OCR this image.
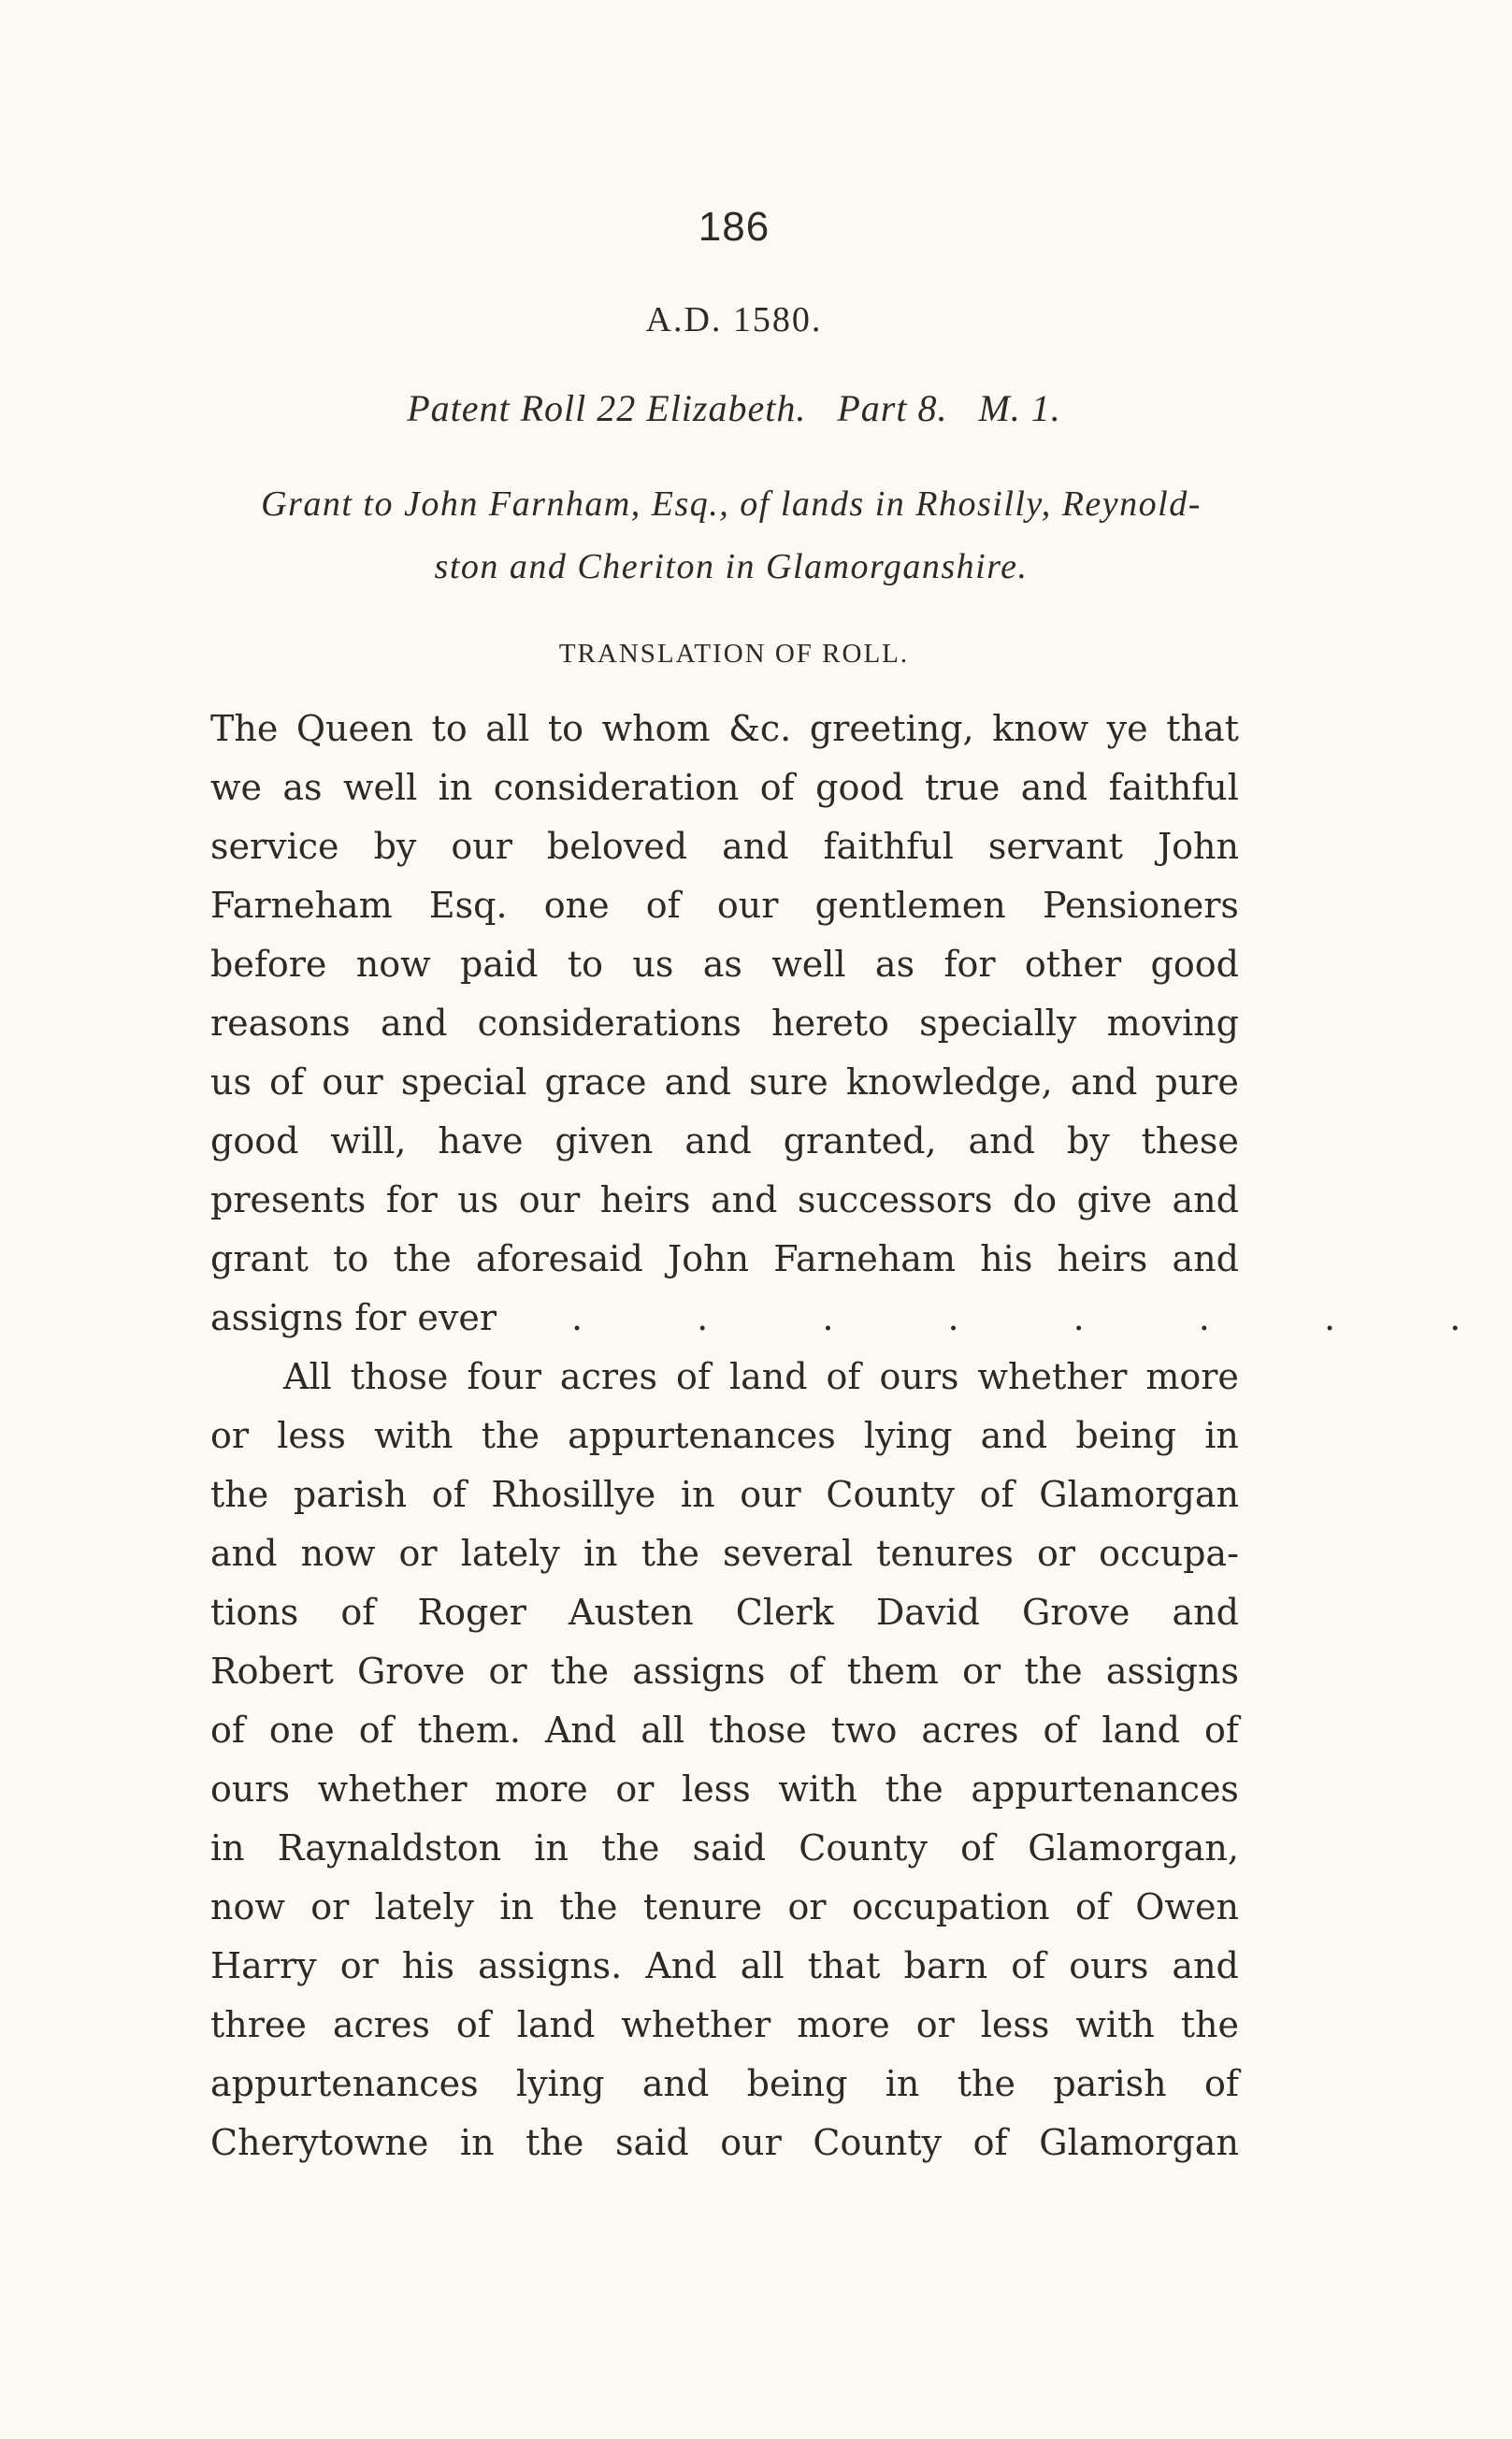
186
A.D. 1580.
Patent Roll 22 Elizabeth.   Part 8.   M. 1.
Grant to John Farnham, Esq., of lands in Rhosilly, Reynold-
ston and Cheriton in Glamorganshire.
TRANSLATION OF ROLL.
The Queen to all to whom &c. greeting, know ye that
we as well in consideration of good true and faithful
service by our beloved and faithful servant John
Farneham Esq. one of our gentlemen Pensioners
before now paid to us as well as for other good
reasons and considerations hereto specially moving
us of our special grace and sure knowledge, and pure
good will, have given and granted, and by these
presents for us our heirs and successors do give and
grant to the aforesaid John Farneham his heirs and
assigns for ever . . . . . . . .
All those four acres of land of ours whether more
or less with the appurtenances lying and being in
the parish of Rhosillye in our County of Glamorgan
and now or lately in the several tenures or occupa-
tions of Roger Austen Clerk David Grove and
Robert Grove or the assigns of them or the assigns
of one of them. And all those two acres of land of
ours whether more or less with the appurtenances
in Raynaldston in the said County of Glamorgan,
now or lately in the tenure or occupation of Owen
Harry or his assigns. And all that barn of ours and
three acres of land whether more or less with the
appurtenances lying and being in the parish of
Cherytowne in the said our County of Glamorgan
